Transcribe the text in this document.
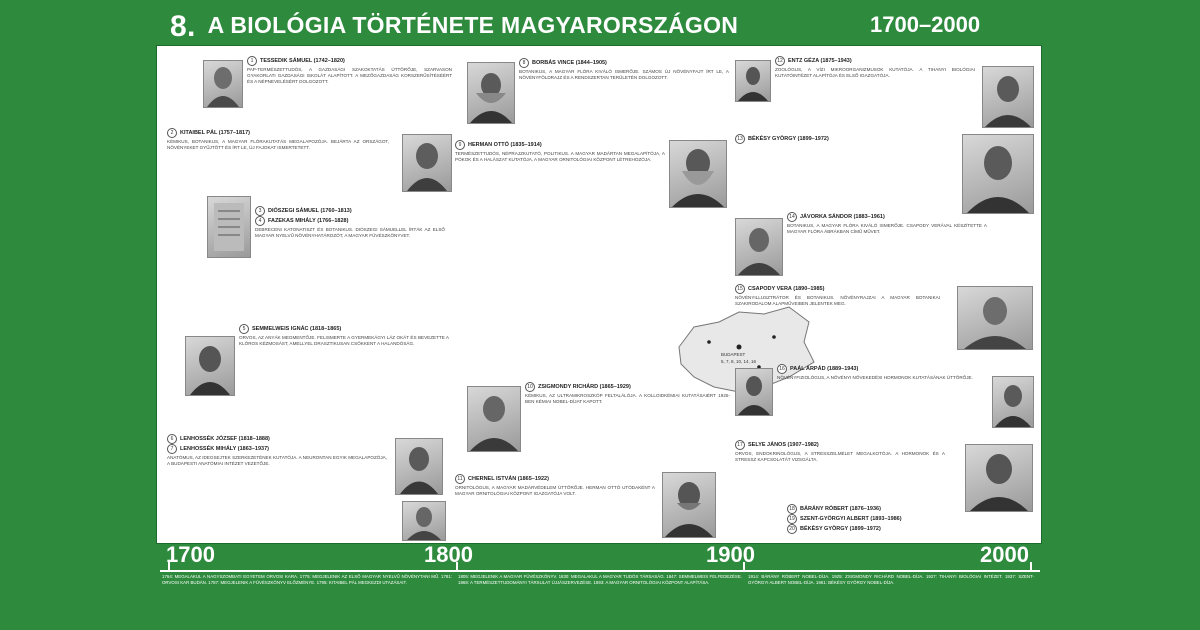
8. A BIOLÓGIA TÖRTÉNETE MAGYARORSZÁGON	1700–2000
1	TESSEDIK SÁMUEL (1742–1820)
PAP-TERMÉSZETTUDÓS, A GAZDASÁGI SZAKOKTATÁS ÚTTÖRŐJE, SZARVASON GYAKORLATI GAZDASÁGI ISKOLÁT ALAPÍTOTT. A MEZŐGAZDASÁG KORSZERŰSÍTÉSÉÉRT ÉS A NÉPNEVELÉSÉRT DOLGOZOTT.
2	KITAIBEL PÁL (1757–1817)
KÉMIKUS, BOTANIKUS, A MAGYAR FLÓRAKUTATÁS MEGALAPOZÓJA. BEJÁRTA AZ ORSZÁGOT, NÖVÉNYEKET GYŰJTÖTT ÉS ÍRT LE, ÚJ FAJOKAT ISMERTETETT.
3	DIÓSZEGI SÁMUEL (1760–1813)
4	FAZEKAS MIHÁLY (1766–1828)
DEBRECENI KATONATISZT ÉS BOTANIKUS. DIÓSZEGI SÁMUELLEL ÍRTÁK AZ ELSŐ MAGYAR NYELVŰ NÖVÉNYHATÁROZÓT, A MAGYAR FÜVÉSZKÖNYVET.
5	SEMMELWEIS IGNÁC (1818–1865)
ORVOS, AZ ANYÁK MEGMENTŐJE. FELISMERTE A GYERMEKÁGYI LÁZ OKÁT ÉS BEVEZETTE A KLÓROS KÉZMOSÁST, AMELLYEL DRASZTIKUSAN CSÖKKENT A HALANDÓSÁG.
6	LENHOSSÉK JÓZSEF (1818–1888)
7	LENHOSSÉK MIHÁLY (1863–1937)
ANATÓMUS, AZ IDEGSEJTEK SZERKEZETÉNEK KUTATÓJA. A NEURONTAN EGYIK MEGALAPOZÓJA, A BUDAPESTI ANATÓMIAI INTÉZET VEZETŐJE.
8	BORBÁS VINCE (1844–1905)
BOTANIKUS, A MAGYAR FLÓRA KIVÁLÓ ISMERŐJE. SZÁMOS ÚJ NÖVÉNYFAJT ÍRT LE, A NÖVÉNYFÖLDRAJZ ÉS A RENDSZERTAN TERÜLETÉN DOLGOZOTT.
9	HERMAN OTTÓ (1835–1914)
TERMÉSZETTUDÓS, NÉPRAJZKUTATÓ, POLITIKUS. A MAGYAR MADÁRTAN MEGALAPÍTÓJA, A PÓKOK ÉS A HALÁSZAT KUTATÓJA, A MAGYAR ORNITOLÓGIAI KÖZPONT LÉTREHOZÓJA.
BUDAPEST
5, 7, 8, 10, 14, 16
10 ZSIGMONDY RICHÁRD (1865–1929)
KÉMIKUS, AZ ULTRAMIKROSZKÓP FELTALÁLÓJA. A KOLLOIDKÉMIAI KUTATÁSAIÉRT 1925-BEN KÉMIAI NOBEL-DÍJAT KAPOTT.
11 CHERNEL ISTVÁN (1865–1922)
ORNITOLÓGUS, A MAGYAR MADÁRVÉDELEM ÚTTÖRŐJE. HERMAN OTTÓ UTÓDAKÉNT A MAGYAR ORNITOLÓGIAI KÖZPONT IGAZGATÓJA VOLT.
12 ENTZ GÉZA (1875–1943)
ZOOLÓGUS, A VÍZI MIKROORGANIZMUSOK KUTATÓJA. A TIHANYI BIOLÓGIAI KUTATÓINTÉZET ALAPÍTÓJA ÉS ELSŐ IGAZGATÓJA.
13 BÉKÉSY GYÖRGY (1899–1972)
14 JÁVORKA SÁNDOR (1883–1961)
BOTANIKUS, A MAGYAR FLÓRA KIVÁLÓ ISMERŐJE. CSAPODY VERÁVAL KÉSZÍTETTE A MAGYAR FLÓRA ÁBRÁKBAN CÍMŰ MŰVET.
15 CSAPODY VERA (1890–1985)
NÖVÉNYILLUSZTRÁTOR ÉS BOTANIKUS. NÖVÉNYRAJZAI A MAGYAR BOTANIKAI SZAKIRODALOM ALAPMŰVEIBEN JELENTEK MEG.
16 PAÁL ÁRPÁD (1889–1943)
NÖVÉNYFIZIOLÓGUS, A NÖVÉNYI NÖVEKEDÉSI HORMONOK KUTATÁSÁNAK ÚTTÖRŐJE.
17 SELYE JÁNOS (1907–1982)
ORVOS, ENDOKRINOLÓGUS, A STRESSZELMÉLET MEGALKOTÓJA. A HORMONOK ÉS A STRESSZ KAPCSOLATÁT VIZSGÁLTA.
18 BÁRÁNY RÓBERT (1876–1936)
19 SZENT-GYÖRGYI ALBERT (1893–1986)
20 BÉKÉSY GYÖRGY (1899–1972)
1700	1800	1900	2000
1764: MEGALAKUL A NAGYSZOMBATI EGYETEM ORVOSI KARA. 1775: MEGJELENIK AZ ELSŐ MAGYAR NYELVŰ NÖVÉNYTANI MŰ. 1781: ORVOSI KAR BUDÁN. 1787: MEGJELENIK A FÜVÉSZKÖNYV ELŐZMÉNYE. 1795: KITAIBEL PÁL MEGKEZDI UTAZÁSAIT.
1805: MEGJELENIK A MAGYAR FÜVÉSZKÖNYV. 1830: MEGALAKUL A MAGYAR TUDÓS TÁRSASÁG. 1847: SEMMELWEIS FELFEDEZÉSE. 1868: A TERMÉSZETTUDOMÁNYI TÁRSULAT ÚJJÁSZERVEZÉSE. 1893: A MAGYAR ORNITOLÓGIAI KÖZPONT ALAPÍTÁSA.
1914: BÁRÁNY RÓBERT NOBEL-DÍJA. 1925: ZSIGMONDY RICHÁRD NOBEL-DÍJA. 1927: TIHANYI BIOLÓGIAI INTÉZET. 1937: SZENT-GYÖRGYI ALBERT NOBEL-DÍJA. 1961: BÉKÉSY GYÖRGY NOBEL-DÍJA.
